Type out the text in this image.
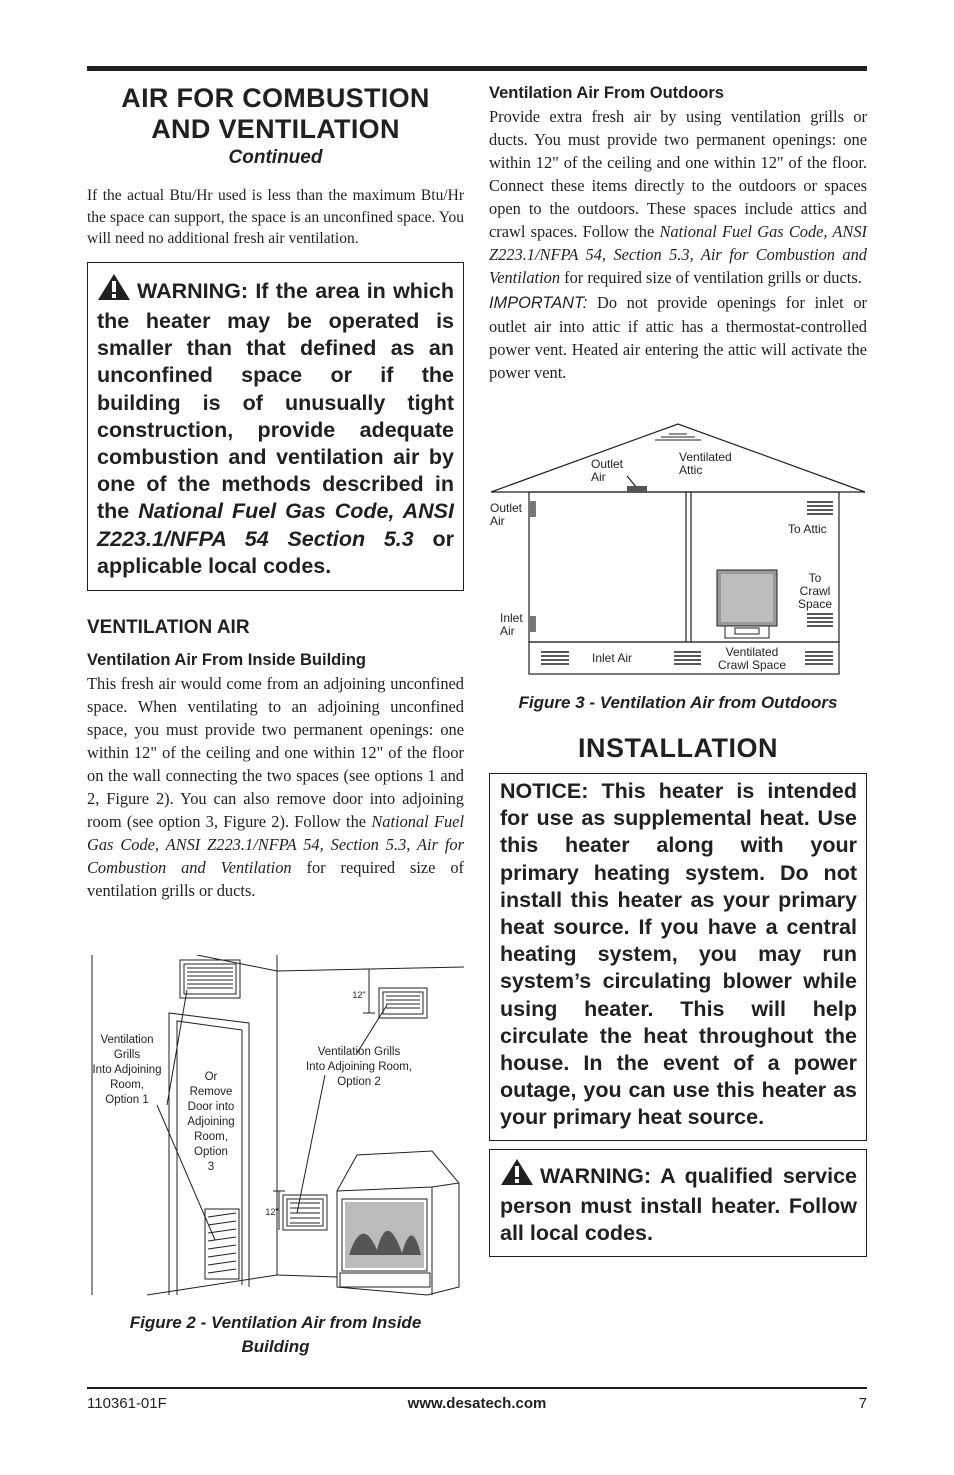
AIR FOR COMBUSTION
AND VENTILATION
Continued

If the actual Btu/Hr used is less than the maximum Btu/Hr the space can support, the space is an unconfined space. You will need no additional fresh air ventilation.

WARNING: If the area in which the heater may be operated is smaller than that defined as an unconfined space or if the building is of unusually tight construction, provide adequate combustion and ventilation air by one of the methods described in the National Fuel Gas Code, ANSI Z223.1/NFPA 54 Section 5.3 or applicable local codes.
VENTILATION AIR
Ventilation Air From Inside Building

This fresh air would come from an adjoining unconfined space. When ventilating to an adjoining unconfined space, you must provide two permanent openings: one within 12" of the ceiling and one within 12" of the floor on the wall connecting the two spaces (see options 1 and 2, Figure 2). You can also remove door into adjoining room (see option 3, Figure 2). Follow the National Fuel Gas Code, ANSI Z223.1/NFPA 54, Section 5.3, Air for Combustion and Ventilation for required size of ventilation grills or ducts.

Ventilation
Grills
Into Adjoining
Room,
Option 1
Or
Remove
Door into
Adjoining
Room,
Option
3
Ventilation Grills
Into Adjoining Room,
Option 2
12"
12"
Figure 2 - Ventilation Air from Inside
Building
Ventilation Air From Outdoors

Provide extra fresh air by using ventilation grills or ducts. You must provide two permanent openings: one within 12" of the ceiling and one within 12" of the floor. Connect these items directly to the outdoors or spaces open to the outdoors. These spaces include attics and crawl spaces. Follow the National Fuel Gas Code, ANSI Z223.1/NFPA 54, Section 5.3, Air for Combustion and Ventilation for required size of ventilation grills or ducts.

IMPORTANT: Do not provide openings for inlet or outlet air into attic if attic has a thermostat-controlled power vent. Heated air entering the attic will activate the power vent.

Outlet
Air
Ventilated
Attic
Outlet
Air
To Attic
To
Crawl
Space
Inlet
Air
Inlet Air	Ventilated
Crawl Space
Figure 3 - Ventilation Air from Outdoors
INSTALLATION
NOTICE: This heater is intended for use as supplemental heat. Use this heater along with your primary heating system. Do not install this heater as your primary heat source. If you have a central heating system, you may run system’s circulating blower while using heater. This will help circulate the heat throughout the house. In the event of a power outage, you can use this heater as your primary heat source.
WARNING: A qualified service person must install heater. Follow all local codes.
110361-01F	www.desatech.com	7
